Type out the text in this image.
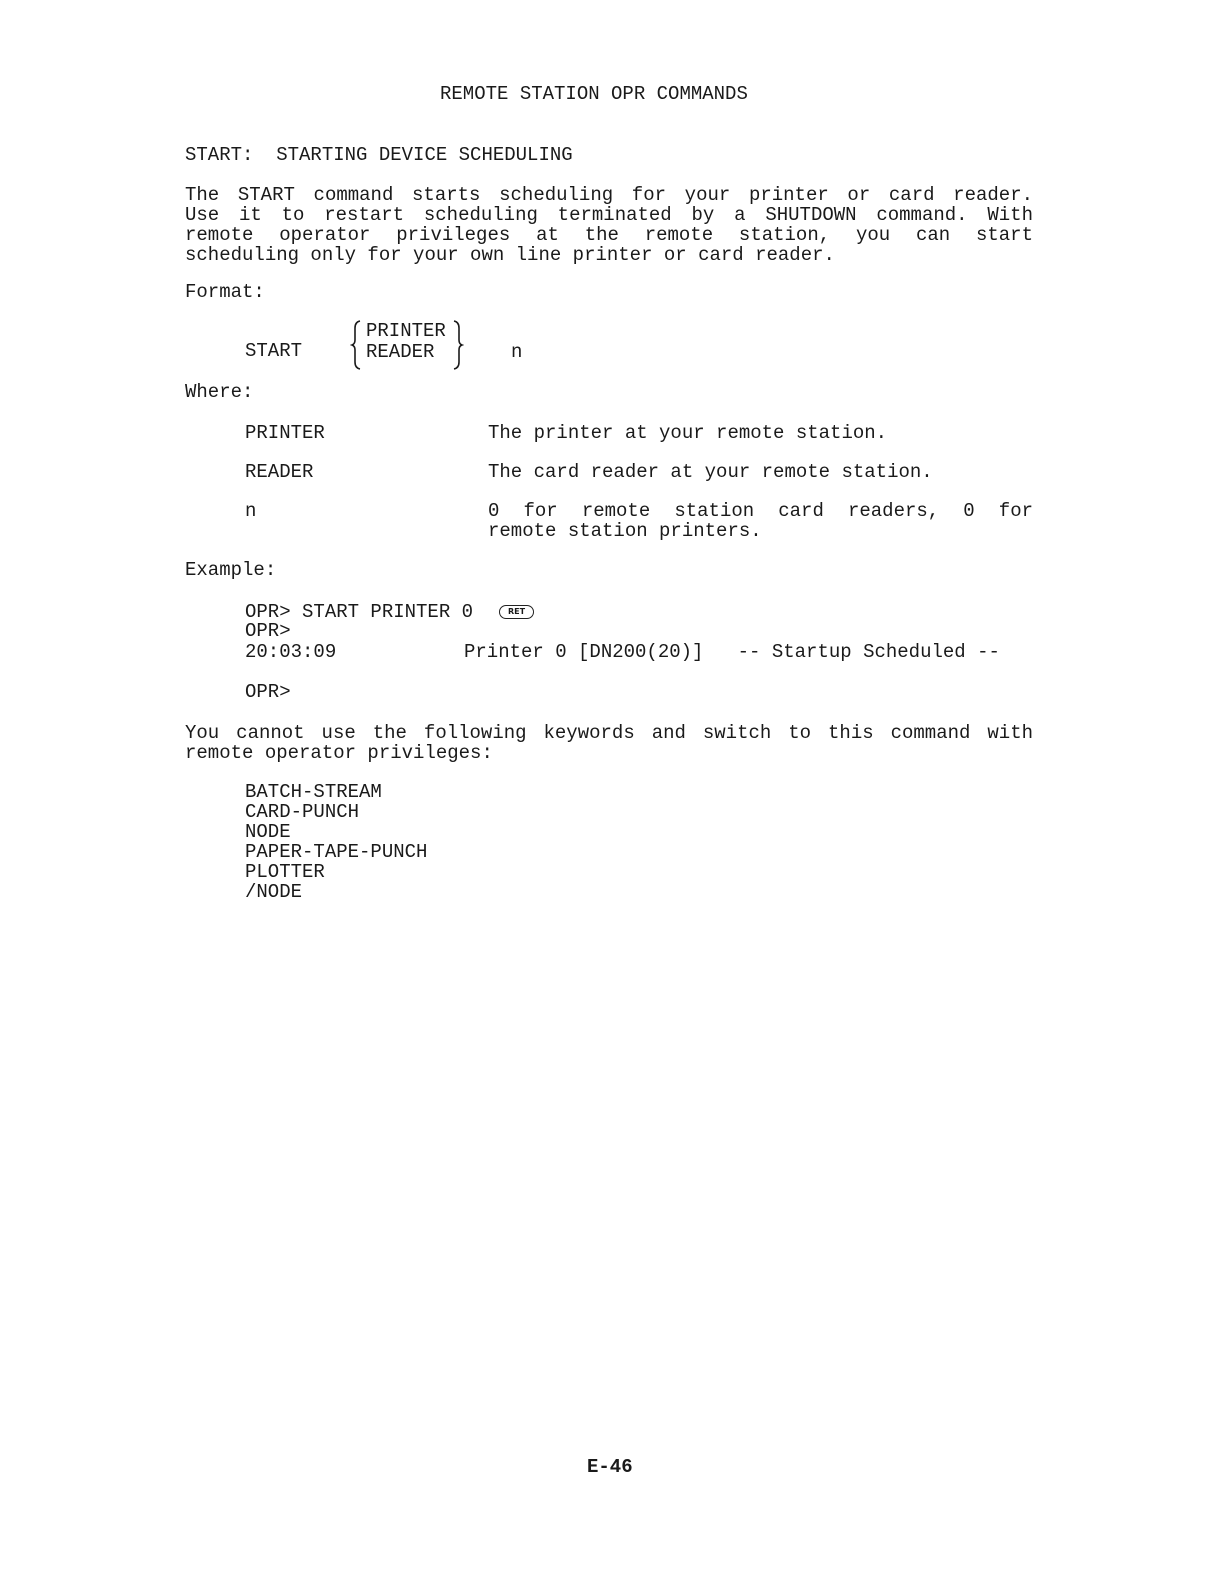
REMOTE STATION OPR COMMANDS
START:  STARTING DEVICE SCHEDULING
The START command starts scheduling for your printer or card reader.
Use it to restart scheduling terminated by a SHUTDOWN command. With
remote operator privileges at the remote station, you can start
scheduling only for your own line printer or card reader.
Format:
START
PRINTER
READER	n
Where:
PRINTER	The printer at your remote station.
READER	The card reader at your remote station.
n	0 for remote station card readers, 0 for
remote station printers.
Example:
OPR> START PRINTER 0	RET
OPR>
20:03:09	Printer 0 [DN200(20)]   -- Startup Scheduled --
OPR>
You cannot use the following keywords and switch to this command with
remote operator privileges:
BATCH-STREAM
CARD-PUNCH
NODE
PAPER-TAPE-PUNCH
PLOTTER
/NODE
E-46
